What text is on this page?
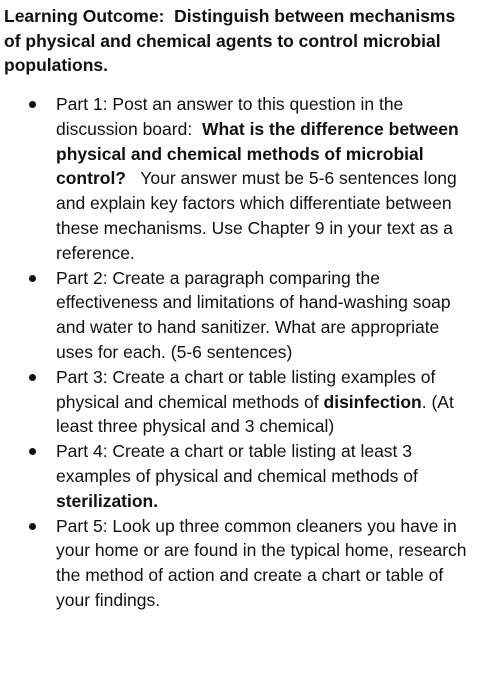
Learning Outcome: Distinguish between mechanisms of physical and chemical agents to control microbial populations.

Part 1: Post an answer to this question in the discussion board: What is the difference between physical and chemical methods of microbial control? Your answer must be 5-6 sentences long and explain key factors which differentiate between these mechanisms. Use Chapter 9 in your text as a reference.
Part 2: Create a paragraph comparing the effectiveness and limitations of hand-washing soap and water to hand sanitizer. What are appropriate uses for each. (5-6 sentences)
Part 3: Create a chart or table listing examples of physical and chemical methods of disinfection. (At least three physical and 3 chemical)
Part 4: Create a chart or table listing at least 3 examples of physical and chemical methods of sterilization.
Part 5: Look up three common cleaners you have in your home or are found in the typical home, research the method of action and create a chart or table of your findings.
